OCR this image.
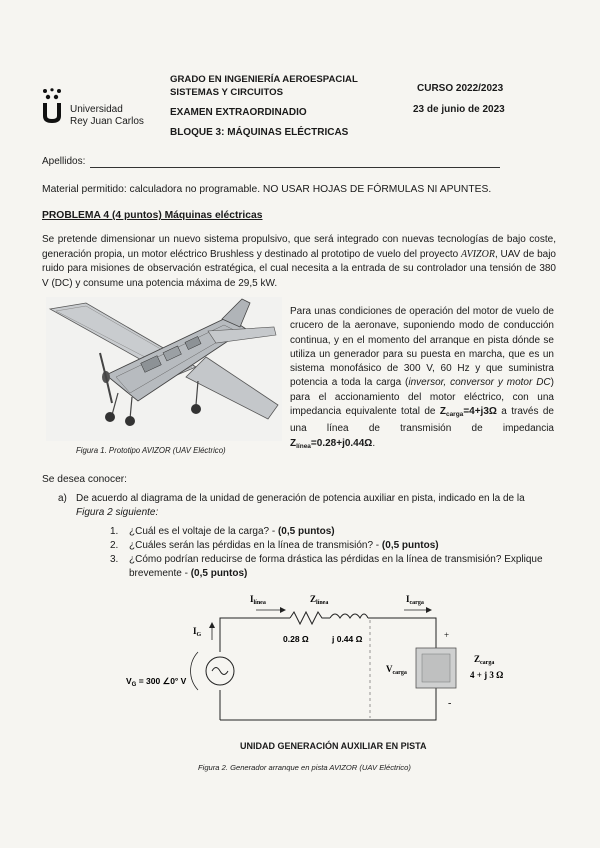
Universidad
Rey Juan Carlos
GRADO EN INGENIERÍA AEROESPACIAL
SISTEMAS Y CIRCUITOS
EXAMEN EXTRAORDINADIO
BLOQUE 3: MÁQUINAS ELÉCTRICAS
CURSO 2022/2023
23 de junio de 2023
Apellidos:
Material permitido: calculadora no programable. NO USAR HOJAS DE FÓRMULAS NI APUNTES.
PROBLEMA 4 (4 puntos) Máquinas eléctricas
Se pretende dimensionar un nuevo sistema propulsivo, que será integrado con nuevas tecnologías de bajo coste, generación propia, un motor eléctrico Brushless y destinado al prototipo de vuelo del proyecto AVIZOR, UAV de bajo ruido para misiones de observación estratégica, el cual necesita a la entrada de su controlador una tensión de 380 V (DC) y consume una potencia máxima de 29,5 kW.
Figura 1. Prototipo AVIZOR (UAV Eléctrico)
Para unas condiciones de operación del motor de vuelo de crucero de la aeronave, suponiendo modo de conducción continua, y en el momento del arranque en pista dónde se utiliza un generador para su puesta en marcha, que es un sistema monofásico de 300 V, 60 Hz y que suministra potencia a toda la carga (inversor, conversor y motor DC) para el accionamiento del motor eléctrico, con una impedancia equivalente total de $Z_{carga}=4+j3\Omega$ a través de una línea de transmisión de impedancia $Z_{línea}=0.28+j0.44\Omega$.
Se desea conocer:
a) De acuerdo al diagrama de la unidad de generación de potencia auxiliar en pista, indicado en la de la Figura 2 siguiente:
1.	¿Cuál es el voltaje de la carga? - (0,5 puntos)
2.	¿Cuáles serán las pérdidas en la línea de transmisión? - (0,5 puntos)
3.	¿Cómo podrían reducirse de forma drástica las pérdidas en la línea de transmisión? Explique brevemente - (0,5 puntos)
$I_{línea}$	$Z_{línea}$	$I_{carga}$
$I_G$	0.28 Ω	j 0.44 Ω
$V_G = 300$ ∠0° V
$V_{carga}$
$Z_{carga}$
4 + j 3 Ω
+
-
UNIDAD GENERACIÓN AUXILIAR EN PISTA
Figura 2. Generador arranque en pista AVIZOR (UAV Eléctrico)
